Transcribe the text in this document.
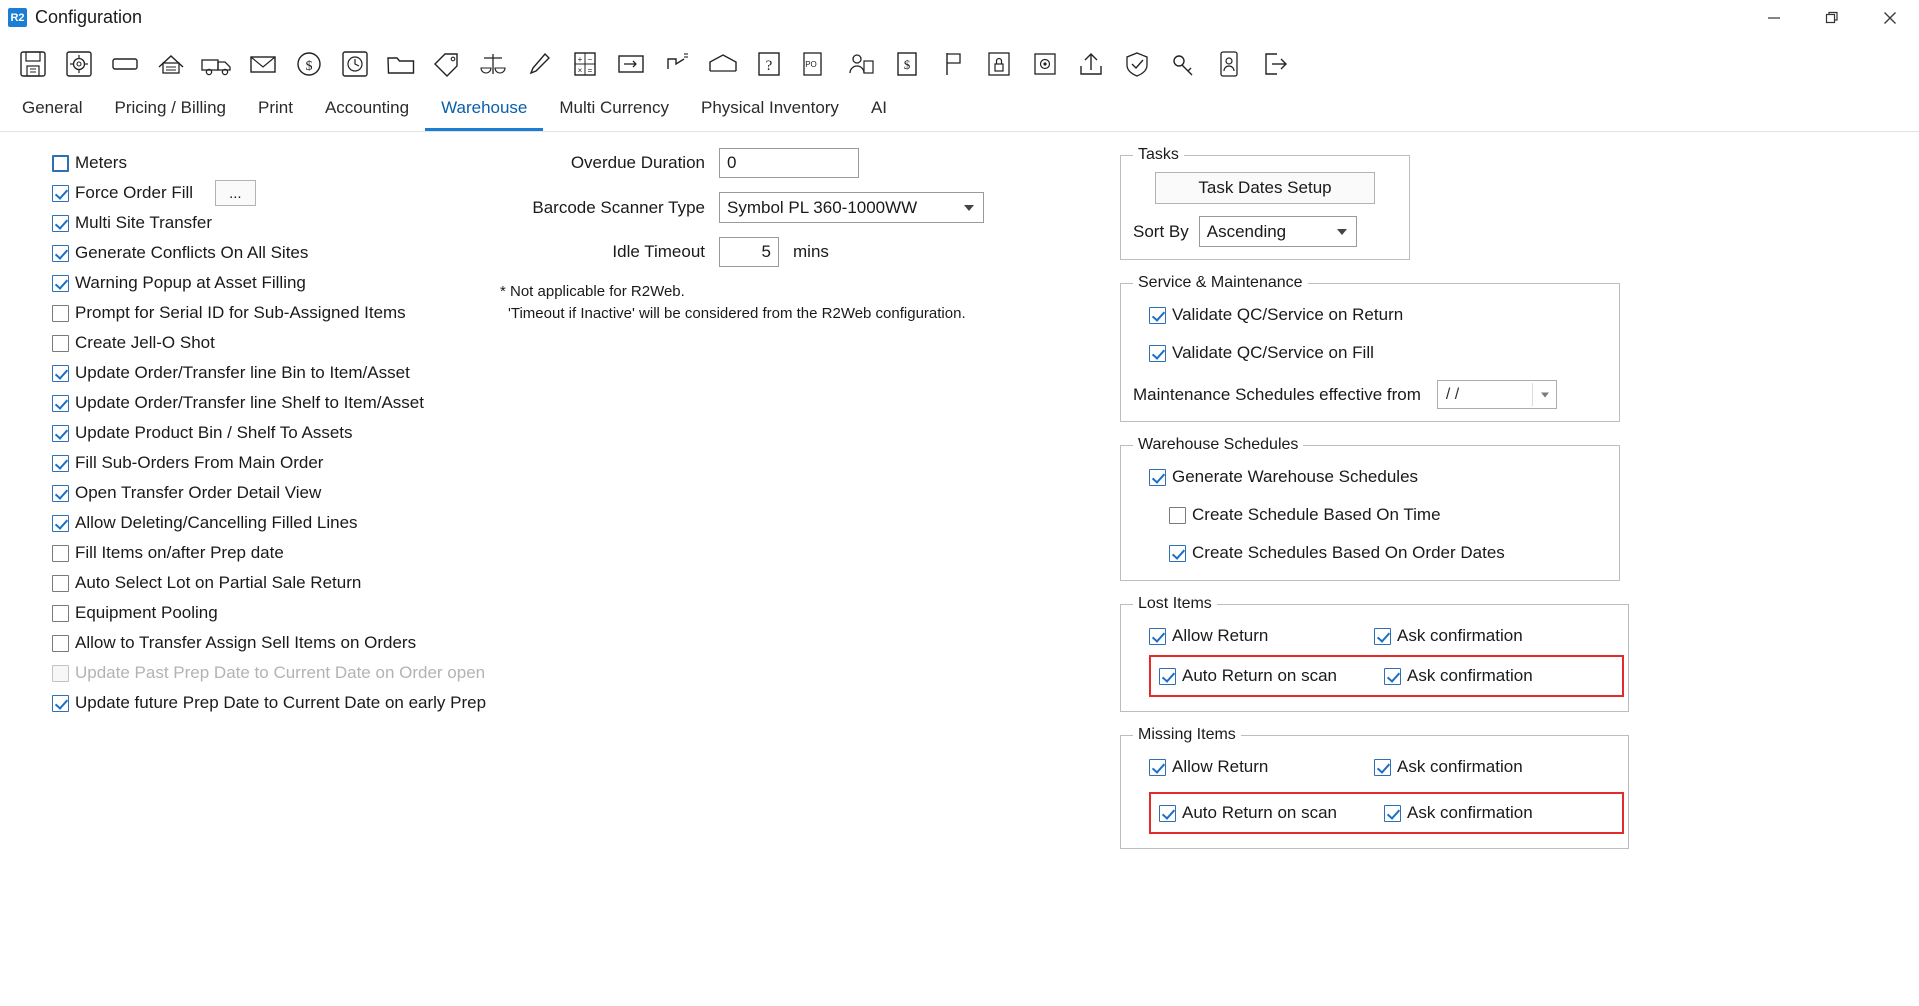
R2 Configuration
$	+ −
× =	?	PO	$
General	Pricing / Billing	Print	Accounting	Warehouse	Multi Currency	Physical Inventory	AI
Meters
Force Order Fill	...
Multi Site Transfer
Generate Conflicts On All Sites
Warning Popup at Asset Filling
Prompt for Serial ID for Sub-Assigned Items
Create Jell-O Shot
Update Order/Transfer line Bin to Item/Asset
Update Order/Transfer line Shelf to Item/Asset
Update Product Bin / Shelf To Assets
Fill Sub-Orders From Main Order
Open Transfer Order Detail View
Allow Deleting/Cancelling Filled Lines
Fill Items on/after Prep date
Auto Select Lot on Partial Sale Return
Equipment Pooling
Allow to Transfer Assign Sell Items on Orders
Update Past Prep Date to Current Date on Order open
Update future Prep Date to Current Date on early Prep
Overdue Duration	0
Barcode Scanner Type Symbol PL 360-1000WW
Idle Timeout	5	mins
* Not applicable for R2Web.
'Timeout if Inactive' will be considered from the R2Web configuration.
Tasks
Task Dates Setup
Sort By Ascending
Service & Maintenance
Validate QC/Service on Return
Validate QC/Service on Fill
Maintenance Schedules effective from / /
Warehouse Schedules
Generate Warehouse Schedules
Create Schedule Based On Time
Create Schedules Based On Order Dates
Lost Items
Allow Return	Ask confirmation
Auto Return on scan	Ask confirmation
Missing Items
Allow Return	Ask confirmation
Auto Return on scan	Ask confirmation
